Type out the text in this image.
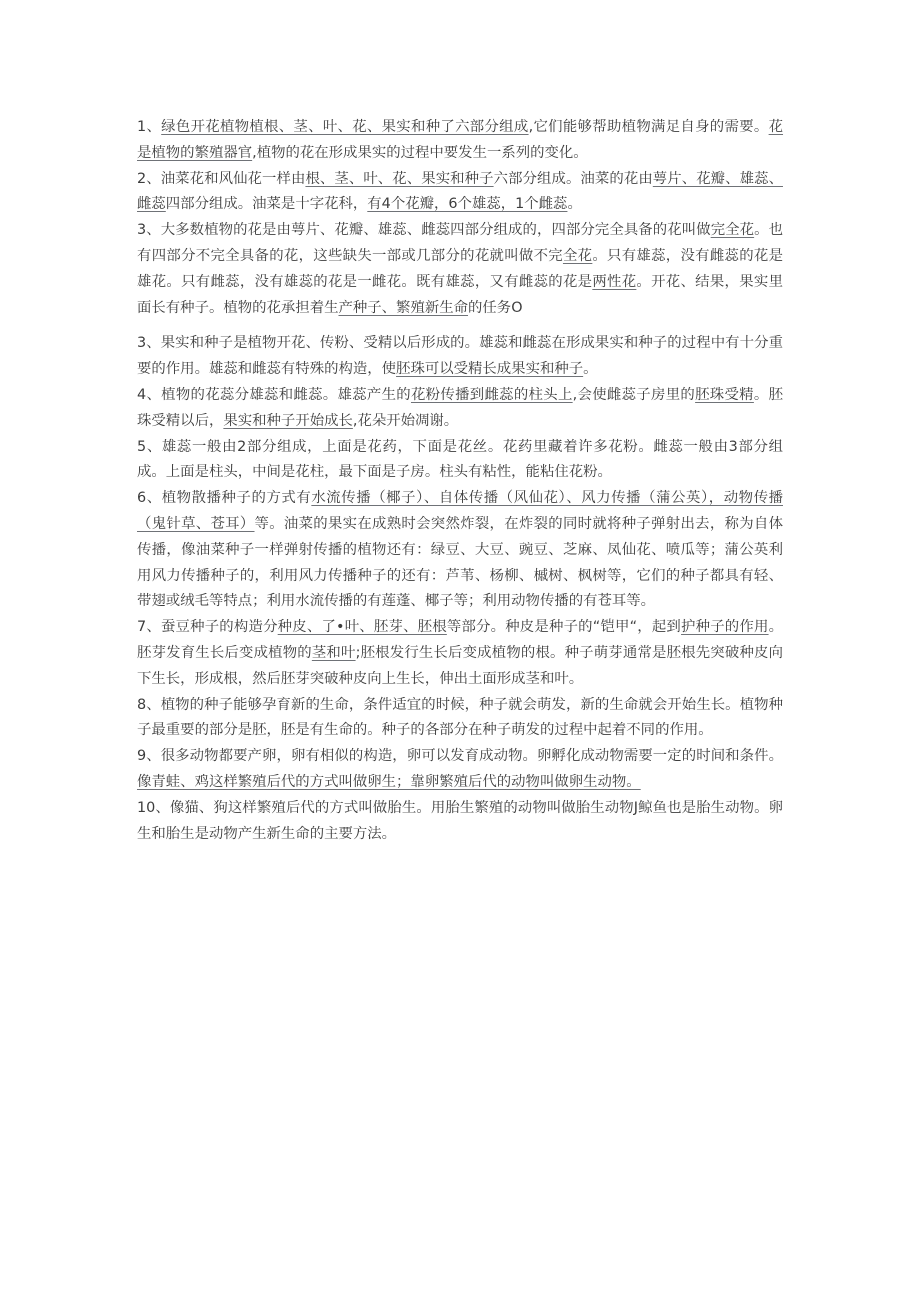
1、绿色开花植物植根、茎、叶、花、果实和种了六部分组成,它们能够帮助植物满足自身的需要。花是植物的繁殖器官,植物的花在形成果实的过程中要发生一系列的变化。

2、油菜花和风仙花一样由根、茎、叶、花、果实和种子六部分组成。油菜的花由萼片、花瓣、雄蕊、雌蕊四部分组成。油菜是十字花科，有4个花瓣，6个雄蕊，1个雌蕊。

3、大多数植物的花是由萼片、花瓣、雄蕊、雌蕊四部分组成的，四部分完全具备的花叫做完全花。也有四部分不完全具备的花，这些缺失一部或几部分的花就叫做不完全花。只有雄蕊，没有雌蕊的花是雄花。只有雌蕊，没有雄蕊的花是一雌花。既有雄蕊，又有雌蕊的花是两性花。开花、结果，果实里面长有种子。植物的花承担着生产种子、繁殖新生命的任务O

3、果实和种子是植物开花、传粉、受精以后形成的。雄蕊和雌蕊在形成果实和种子的过程中有十分重要的作用。雄蕊和雌蕊有特殊的构造，使胚珠可以受精长成果实和种子。

4、植物的花蕊分雄蕊和雌蕊。雄蕊产生的花粉传播到雌蕊的柱头上,会使雌蕊子房里的胚珠受精。胚珠受精以后，果实和种子开始成长,花朵开始凋谢。

5、雄蕊一般由2部分组成，上面是花药，下面是花丝。花药里藏着许多花粉。雌蕊一般由3部分组成。上面是柱头，中间是花柱，最下面是子房。柱头有粘性，能粘住花粉。

6、植物散播种子的方式有水流传播（椰子）、自体传播（风仙花）、风力传播（蒲公英），动物传播（鬼针草、苍耳）等。油菜的果实在成熟时会突然炸裂，在炸裂的同时就将种子弹射出去，称为自体传播，像油菜种子一样弹射传播的植物还有：绿豆、大豆、豌豆、芝麻、凤仙花、喷瓜等；蒲公英利用风力传播种子的，利用风力传播种子的还有：芦苇、杨柳、槭树、枫树等，它们的种子都具有轻、带翅或绒毛等特点；利用水流传播的有莲蓬、椰子等；利用动物传播的有苍耳等。

7、蚕豆种子的构造分种皮、了•叶、胚芽、胚根等部分。种皮是种子的“铠甲“，起到护种子的作用。胚芽发育生长后变成植物的茎和叶;胚根发行生长后变成植物的根。种子萌芽通常是胚根先突破种皮向下生长，形成根，然后胚芽突破种皮向上生长，伸出土面形成茎和叶。

8、植物的种子能够孕育新的生命，条件适宜的时候，种子就会萌发，新的生命就会开始生长。植物种子最重要的部分是胚，胚是有生命的。种子的各部分在种子萌发的过程中起着不同的作用。

9、很多动物都要产卵，卵有相似的构造，卵可以发育成动物。卵孵化成动物需要一定的时间和条件。像青蛙、鸡这样繁殖后代的方式叫做卵生；靠卵繁殖后代的动物叫做卵生动物。

10、像猫、狗这样繁殖后代的方式叫做胎生。用胎生繁殖的动物叫做胎生动物J鲸鱼也是胎生动物。卵生和胎生是动物产生新生命的主要方法。
